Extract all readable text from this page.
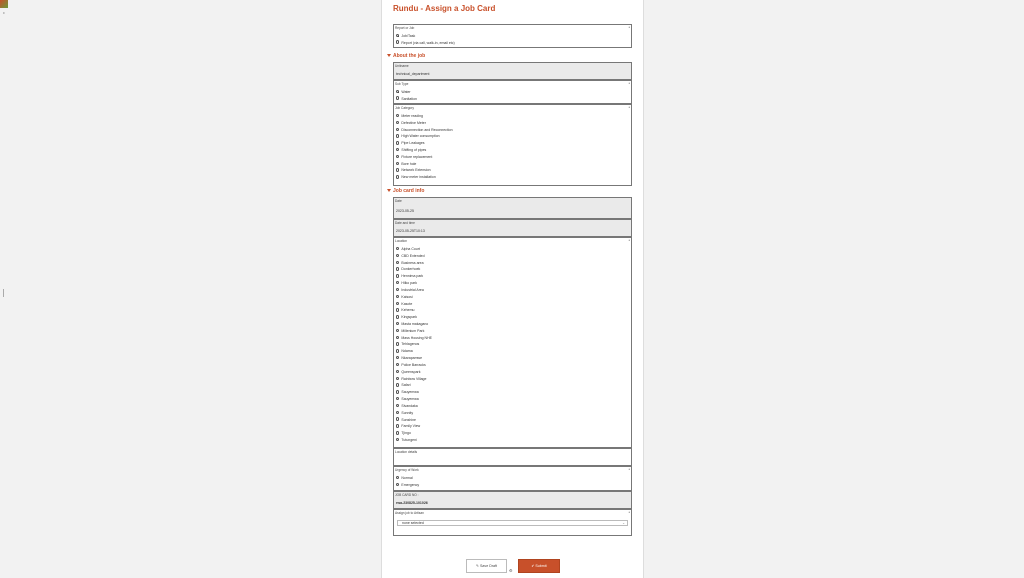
≡	Rundu - Assign a Job Card
Report or Job	*
Job/Task
Report (via call, walk-in, email etc)
About the job
Unitname
technical_department
Sub Type	*
Water
Sanitation
Job Category	*
Meter reading
Defective Meter
Disconnection and Reconnection
High Water consumption
Pipe Leakages
Shifting of pipes
Fixture replacement
Bore hole
Network Extension
New meter installation
Job card info
Date
2023-05-25
Date and time
2023-05-25T10:13
Location	*
Alpha Court
CBD Extended
Business area
Donkerhoek
Hennima park
Hilko park
Industrial Area
Kaisosi
Kasote
Kehemu
Kingspark
Masta makagano
Millenium Park
Mass Housing NHE
Tehlagenos
Ndama
Nkarapamwe
Police Barracks
Queenspark
Rainbow Village
Safari
Sauyemwa
Sauyemwa
Sivandaka
Sunnity
Sunshine
Family View
Tjingo
Tutungeni
Location details
Urgency of Work	*
Normal
Emergency
JOB CARD NO :
rwa-230825-101026
Assign job to Artisan	*
none selected	⌄
✎ Save Draft
⚙
✔ Submit
